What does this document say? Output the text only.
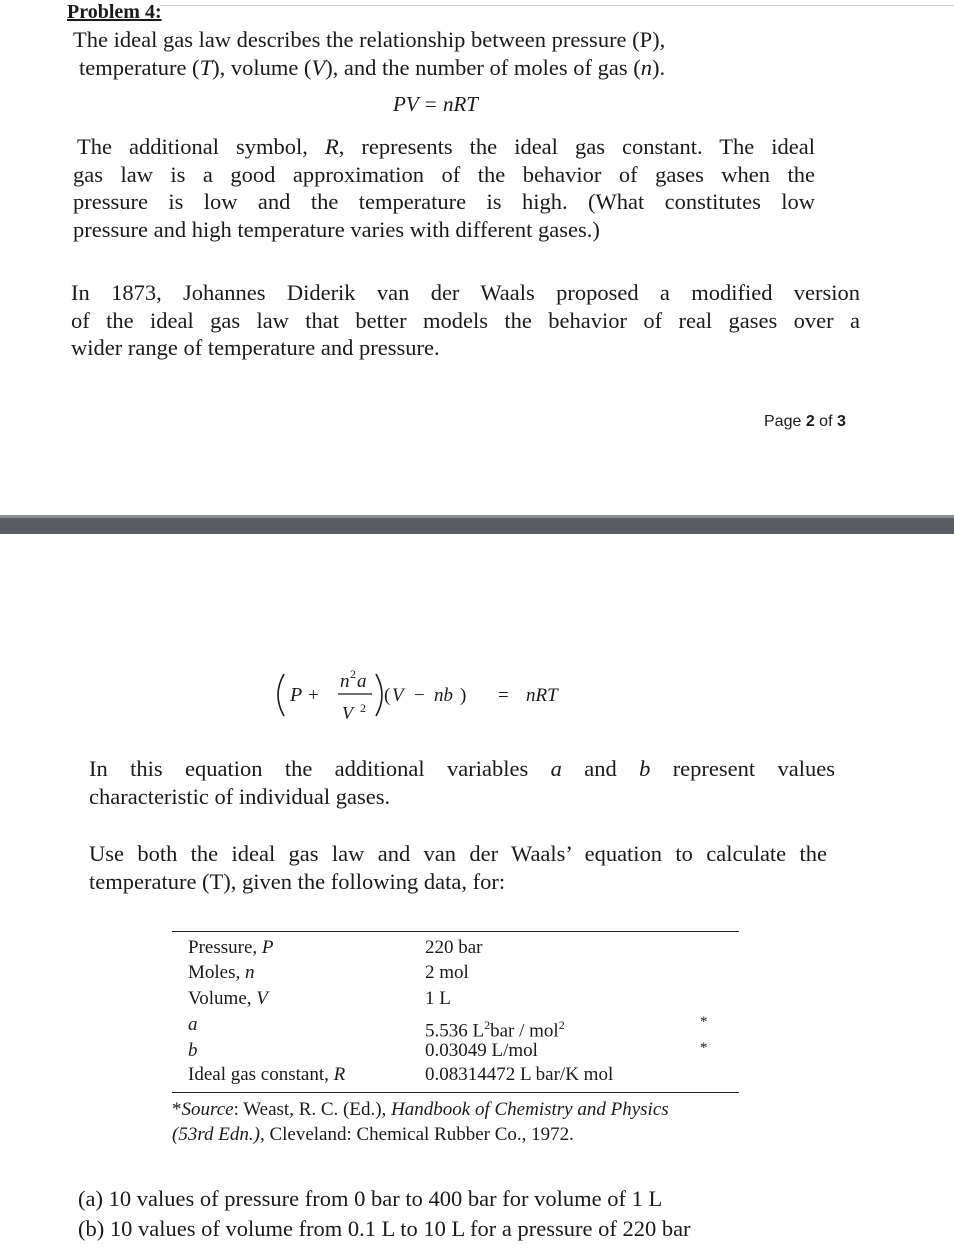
Problem 4:
The ideal gas law describes the relationship between pressure (P),
temperature (T), volume (V), and the number of moles of gas (n).
PV = nRT
The additional symbol, R, represents the ideal gas constant. The ideal
gas law is a good approximation of the behavior of gases when the
pressure is low and the temperature is high. (What constitutes low
pressure and high temperature varies with different gases.)
In 1873, Johannes Diderik van der Waals proposed a modified version
of the ideal gas law that better models the behavior of real gases over a
wider range of temperature and pressure.
Page 2 of 3
P +
n 2 a
V 2
( V − nb ) = nRT
In this equation the additional variables a and b represent values
characteristic of individual gases.
Use both the ideal gas law and van der Waals’ equation to calculate the
temperature (T), given the following data, for:
Pressure, P	220 bar
Moles, n	2 mol
Volume, V	1 L
a	5.536 $L^2bar / mol^2$	*
b	0.03049 L/mol	*
Ideal gas constant, R	0.08314472 L bar/K mol
*Source: Weast, R. C. (Ed.), Handbook of Chemistry and Physics
(53rd Edn.), Cleveland: Chemical Rubber Co., 1972.
(a) 10 values of pressure from 0 bar to 400 bar for volume of 1 L
(b) 10 values of volume from 0.1 L to 10 L for a pressure of 220 bar
